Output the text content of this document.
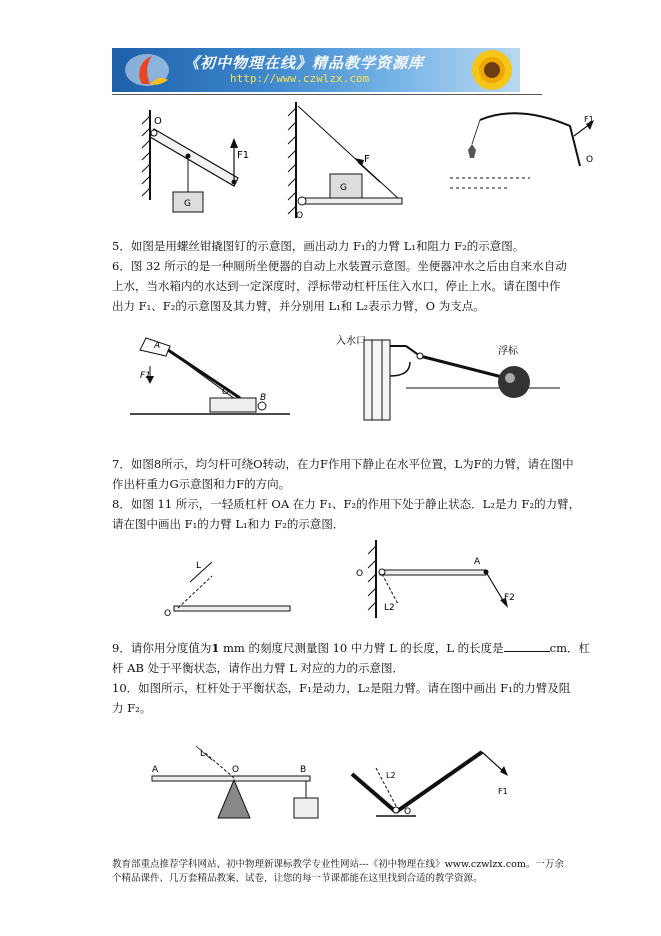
《初中物理在线》精品教学资源库
http://www.czwlzx.com
O
F1
G
F
G
O
F1
O
5．如图是用螺丝钳撬图钉的示意图，画出动力 F₁的力臂 L₁和阻力 F₂的示意图。
6．图 32 所示的是一种厕所坐便器的自动上水装置示意图。坐便器冲水之后由自来水自动
上水，当水箱内的水达到一定深度时，浮标带动杠杆压住入水口，停止上水。请在图中作
出力 F₁、F₂的示意图及其力臂，并分别用 L₁和 L₂表示力臂，O 为支点。
A
F1
O
B
入水口
浮标
7．如图8所示，均匀杆可绕O转动，在力F作用下静止在水平位置，L为F的力臂，请在图中
作出杆重力G示意图和力F的方向。
8．如图 11 所示，一轻质杠杆 OA 在力 F₁、F₂的作用下处于静止状态．L₂是力 F₂的力臂，
请在图中画出 F₁的力臂 L₁和力 F₂的示意图．
L
O
O
A
F2
L2
9．请你用分度值为1 mm 的刻度尺测量图 10 中力臂 L 的长度，L 的长度是	cm．杠
杆 AB 处于平衡状态，请作出力臂 L 对应的力的示意图．
10．如图所示，杠杆处于平衡状态，F₁是动力，L₂是阻力臂。请在图中画出 F₁的力臂及阻
力 F₂。
A
L
O	B
L2
O
F1
教育部重点推荐学科网站、初中物理新课标教学专业性网站---《初中物理在线》www.czwlzx.com。一万余
个精品课件、几万套精品教案、试卷，让您的每一节课都能在这里找到合适的教学资源。
